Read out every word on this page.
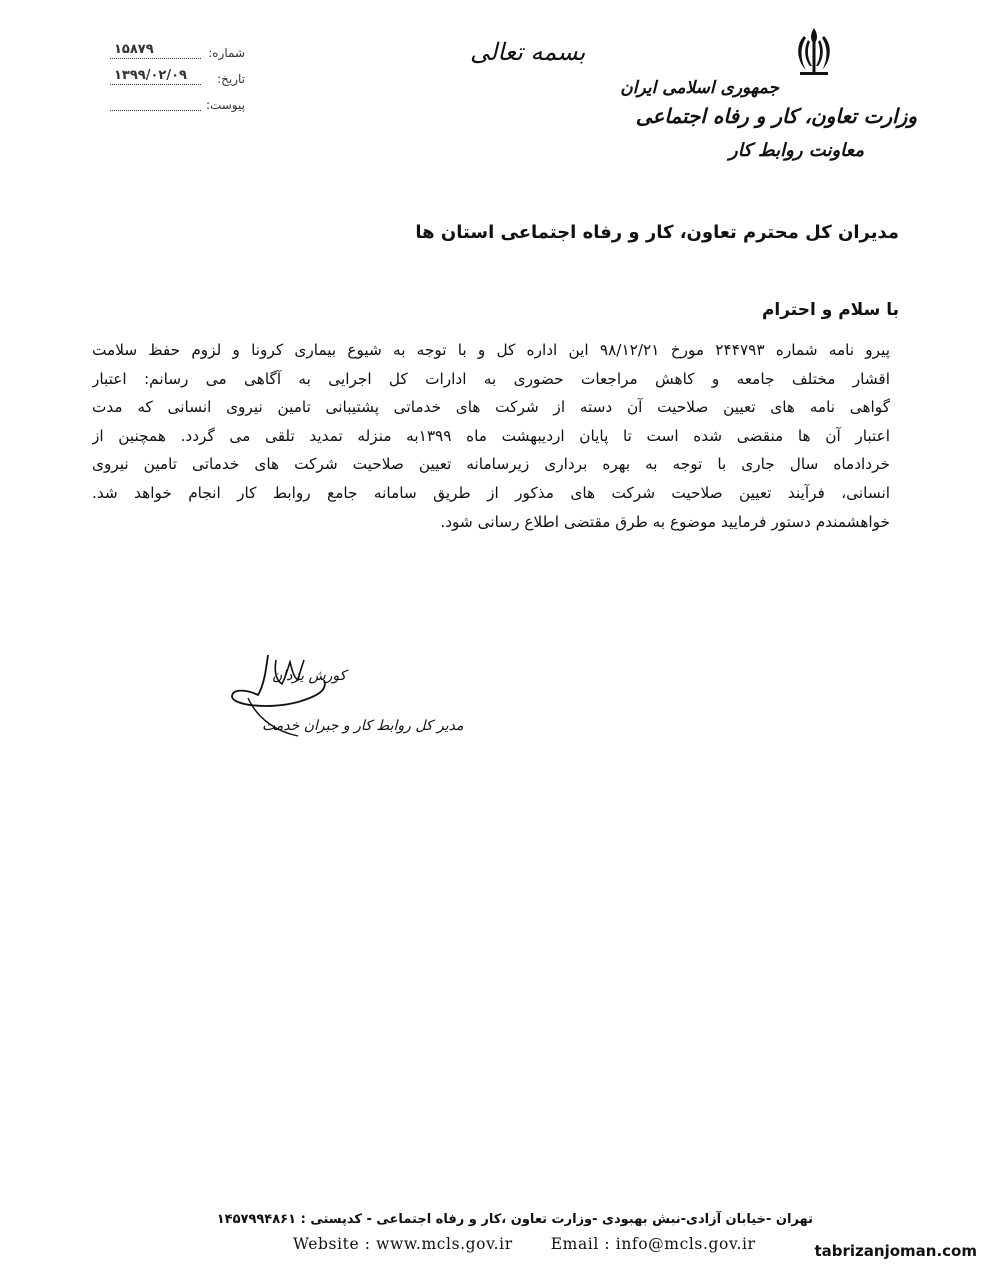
جمهوری اسلامی ایران
وزارت تعاون، کار و رفاه اجتماعی
معاونت روابط کار
بسمه تعالی
شماره:
۱۵۸۷۹
تاریخ:
۱۳۹۹/۰۲/۰۹
پیوست:
مدیران کل محترم تعاون، کار و رفاه اجتماعی استان ها
با سلام و احترام
پیرو نامه شماره ۲۴۴۷۹۳ مورخ ۹۸/۱۲/۲۱ این اداره کل و با توجه به شیوع بیماری کرونا و لزوم حفظ سلامت
اقشار مختلف جامعه و کاهش مراجعات حضوری به ادارات کل اجرایی به آگاهی می رسانم: اعتبار
گواهی نامه های تعیین صلاحیت آن دسته از شرکت های خدماتی پشتیبانی تامین نیروی انسانی که مدت
اعتبار آن ها منقضی شده است تا پایان اردیبهشت ماه ۱۳۹۹به منزله تمدید تلقی می گردد. همچنین از
خردادماه سال جاری با توجه به بهره برداری زیرسامانه تعیین صلاحیت شرکت های خدماتی تامین نیروی
انسانی، فرآیند تعیین صلاحیت شرکت های مذکور از طریق سامانه جامع روابط کار انجام خواهد شد.
خواهشمندم دستور فرمایید موضوع به طرق مقتضی اطلاع رسانی شود.
کورش یزدان
مدیر کل روابط کار و جبران خدمت
تهران -خیابان آزادی-نبش بهبودی -وزارت تعاون ،کار و رفاه اجتماعی - کدپستی : ۱۴۵۷۹۹۴۸۶۱
Website : www.mcls.gov.ir Email : info@mcls.gov.ir	tabrizanjoman.com
